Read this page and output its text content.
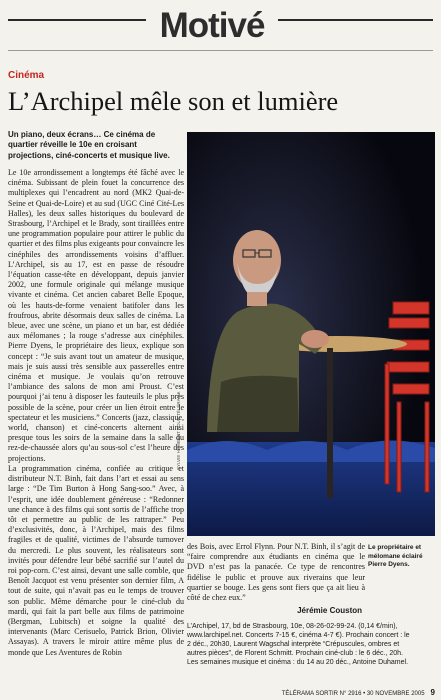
Motivé
Cinéma
L’Archipel mêle son et lumière
Un piano, deux écrans… Ce cinéma de quartier réveille le 10e en croisant projections, ciné-concerts et musique live.

Le 10e arrondissement a longtemps été fâché avec le cinéma. Subissant de plein fouet la concurrence des multiplexes qui l’encadrent au nord (MK2 Quai-de-Seine et Quai-de-Loire) et au sud (UGC Ciné Cité-Les Halles), les deux salles historiques du boulevard de Strasbourg, l’Archipel et le Brady, sont tiraillées entre une programmation populaire pour attirer le public du quartier et des films plus exigeants pour convaincre les cinéphiles des arrondissements voisins d’affluer. L’Archipel, sis au 17, est en passe de résoudre l’équation casse-tête en développant, depuis janvier 2002, une formule originale qui mélange musique vivante et cinéma. Cet ancien cabaret Belle Epoque, où les hauts-de-forme venaient batifoler dans les froufrous, abrite désormais deux salles de cinéma. La bleue, avec une scène, un piano et un bar, est dédiée aux mélomanes ; la rouge s’adresse aux cinéphiles. Pierre Dyens, le propriétaire des lieux, explique son concept : “Je suis avant tout un amateur de musique, mais je suis aussi très sensible aux passerelles entre cinéma et musique. Je voulais qu’on retrouve l’ambiance des salons de mon ami Proust. C’est pourquoi j’ai tenu à disposer les fauteuils le plus près possible de la scène, pour créer un lien étroit entre le spectateur et les musiciens.” Concerts (jazz, classique, world, chanson) et ciné-concerts alternent ainsi presque tous les soirs de la semaine dans la salle du rez-de-chaussée alors qu’au sous-sol c’est l’heure des projections.

La programmation cinéma, confiée au critique et distributeur N.T. Binh, fait dans l’art et essai au sens large : “De Tim Burton à Hong Sang-soo.” Avec, à l’esprit, une idée doublement généreuse : “Redonner une chance à des films qui sont sortis de l’affiche trop tôt et permettre au public de les rattraper.” Peu d’exclusivités, donc, à l’Archipel, mais des films fragiles et de qualité, victimes de l’absurde turnover du mercredi. Le plus souvent, les réalisateurs sont invités pour défendre leur bébé sacrifié sur l’autel du roi pop-corn. C’est ainsi, devant une salle comble, que Benoît Jacquot est venu présenter son dernier film, A tout de suite, qui n’avait pas eu le temps de trouver son public. Même démarche pour le ciné-club du mardi, qui fait la part belle aux films de patrimoine (Bergman, Lubitsch) et soigne la qualité des intervenants (Marc Cerisuelo, Patrick Brion, Olivier Assayas). A travers le miroir attire même plus de monde que Les Aventures de Robin

SYLVIE HUMBERT POUR TÉLÉRAMA

des Bois, avec Errol Flynn. Pour N.T. Binh, il s’agit de “faire comprendre aux étudiants en cinéma que le DVD n’est pas la panacée. Ce type de rencontres fidélise le public et prouve aux riverains que leur quartier se bouge. Les gens sont fiers que ça ait lieu à côté de chez eux.”

Jérémie Couston
L’Archipel, 17, bd de Strasbourg, 10e, 08-26-02-99-24. (0,14 €/min), www.larchipel.net. Concerts 7-15 €, cinéma 4-7 €). Prochain concert : le 2 déc., 20h30, Laurent Wagschal interprète “Crépuscules, ombres et autres pièces”, de Florent Schmitt. Prochain ciné-club : le 6 déc., 20h. Les semaines musique et cinéma : du 14 au 20 déc., Antoine Duhamel.
Le propriétaire et mélomane éclairé Pierre Dyens.
TÉLÉRAMA SORTIR N° 2916 • 30 NOVEMBRE 2005 9
